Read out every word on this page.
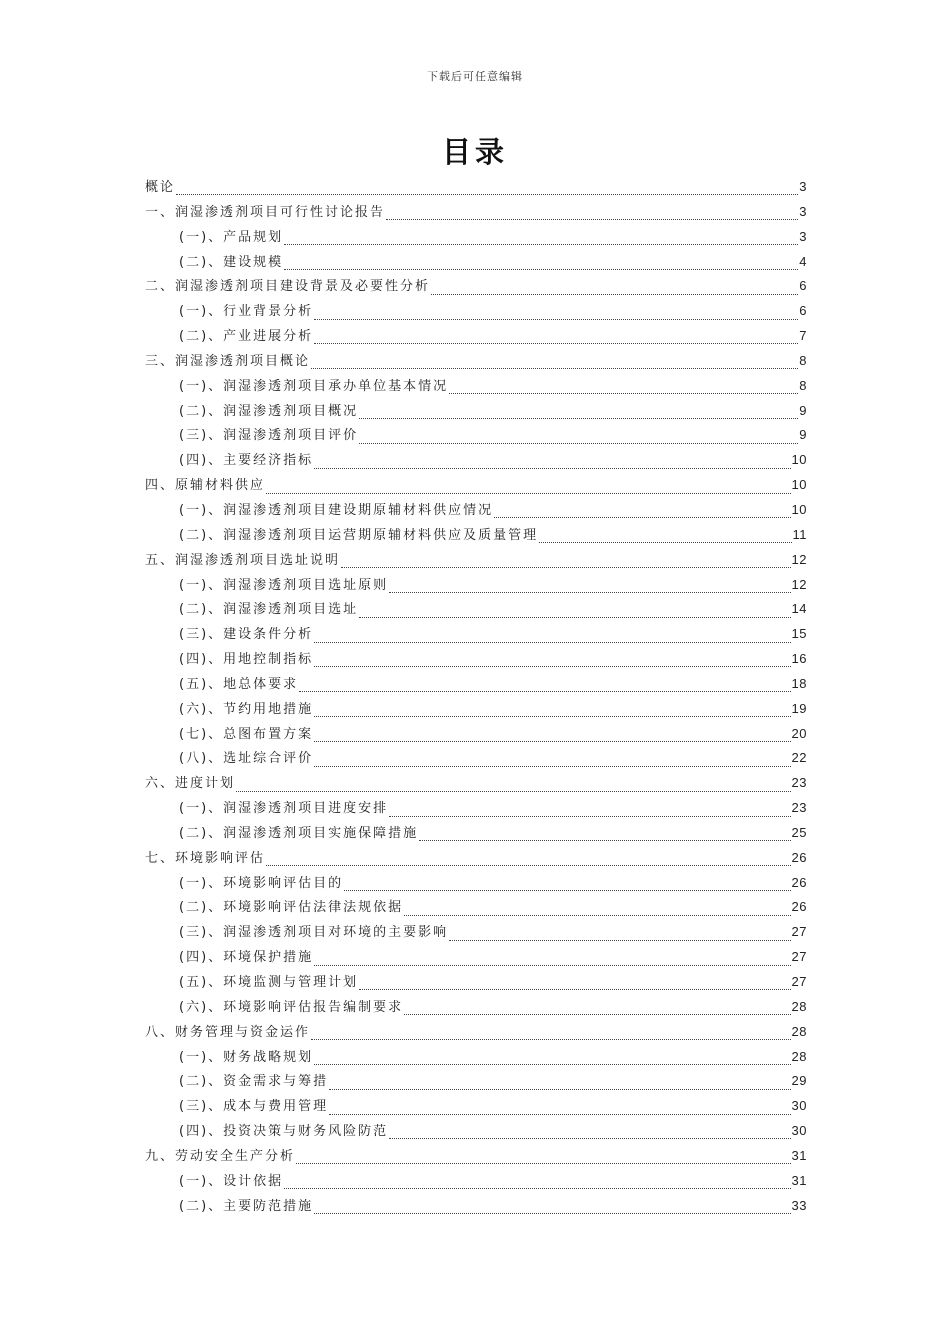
下载后可任意编辑
目录
概论	3
一、润湿渗透剂项目可行性讨论报告	3
(一)、产品规划	3
(二)、建设规模	4
二、润湿渗透剂项目建设背景及必要性分析	6
(一)、行业背景分析	6
(二)、产业进展分析	7
三、润湿渗透剂项目概论	8
(一)、润湿渗透剂项目承办单位基本情况	8
(二)、润湿渗透剂项目概况	9
(三)、润湿渗透剂项目评价	9
(四)、主要经济指标	10
四、原辅材料供应	10
(一)、润湿渗透剂项目建设期原辅材料供应情况	10
(二)、润湿渗透剂项目运营期原辅材料供应及质量管理	11
五、润湿渗透剂项目选址说明	12
(一)、润湿渗透剂项目选址原则	12
(二)、润湿渗透剂项目选址	14
(三)、建设条件分析	15
(四)、用地控制指标	16
(五)、地总体要求	18
(六)、节约用地措施	19
(七)、总图布置方案	20
(八)、选址综合评价	22
六、进度计划	23
(一)、润湿渗透剂项目进度安排	23
(二)、润湿渗透剂项目实施保障措施	25
七、环境影响评估	26
(一)、环境影响评估目的	26
(二)、环境影响评估法律法规依据	26
(三)、润湿渗透剂项目对环境的主要影响	27
(四)、环境保护措施	27
(五)、环境监测与管理计划	27
(六)、环境影响评估报告编制要求	28
八、财务管理与资金运作	28
(一)、财务战略规划	28
(二)、资金需求与筹措	29
(三)、成本与费用管理	30
(四)、投资决策与财务风险防范	30
九、劳动安全生产分析	31
(一)、设计依据	31
(二)、主要防范措施	33
